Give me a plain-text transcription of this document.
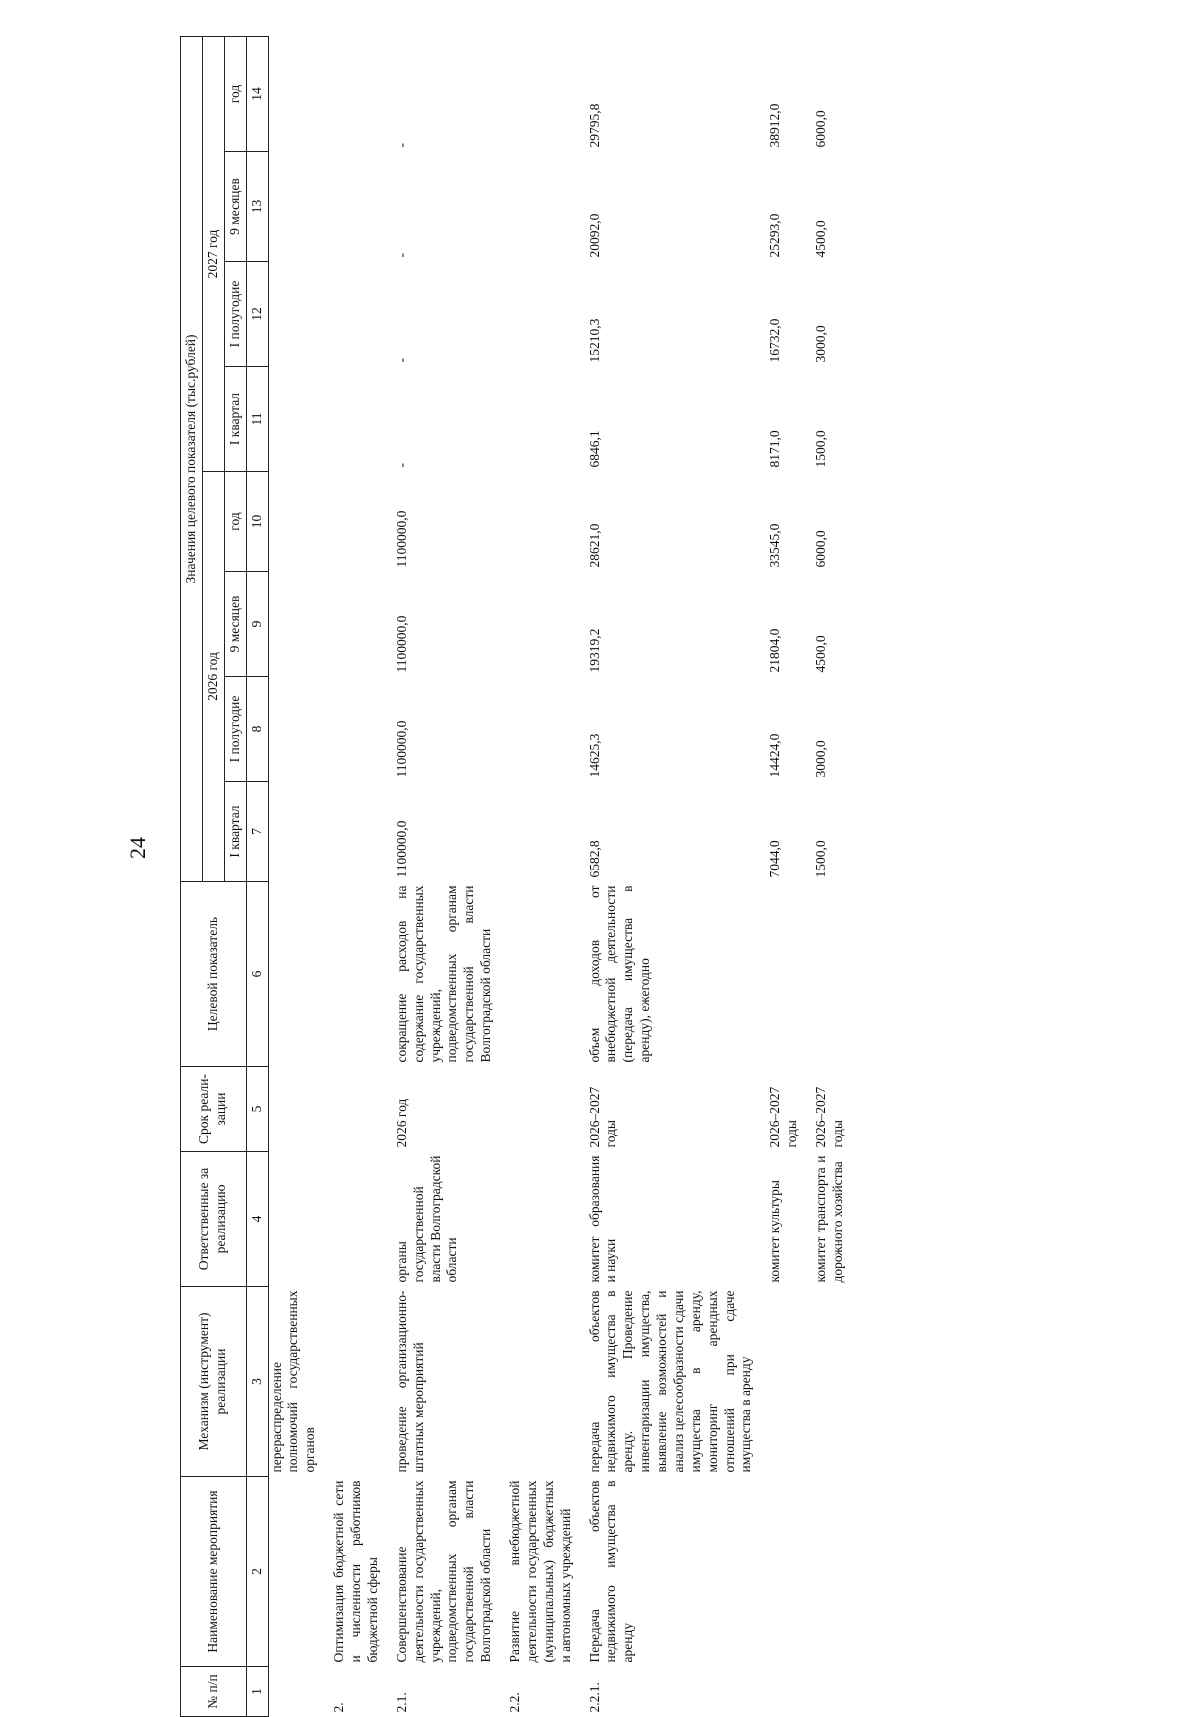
24
№ п/п	Наименование мероприятия	Механизм (инструмент) реализации	Ответственные за реализацию	Срок реали-зации	Целевой показатель	Значения целевого показателя (тыс.рублей)							
						2026 год				2027 год			
						I квартал	I полугодие	9 месяцев	год	I квартал	I полугодие	9 месяцев	год
1	2	3	4	5	6	7	8	9	10	11	12	13	14
		перераспределение полномочий государственных органов											
2.	Оптимизация бюджетной сети и численности работников бюджетной сферы												
2.1.	Совершенствование деятельности государственных учреждений, подведомственных органам государственной власти Волгоградской области	проведение организационно-штатных мероприятий	органы государственной власти Волгоградской области	2026 год	сокращение расходов на содержание государственных учреждений, подведомственных органам государственной власти Волгоградской области	1100000,0	1100000,0	1100000,0	1100000,0	-	-	-	-
2.2.	Развитие внебюджетной деятельности государственных (муниципальных) бюджетных и автономных учреждений												
2.2.1.	Передача объектов недвижимого имущества в аренду	передача объектов недвижимого имущества в аренду. Проведение инвентаризации имущества, выявление возможностей и анализ целесообразности сдачи имущества в аренду, мониторинг арендных отношений при сдаче имущества в аренду	комитет образования и науки	2026–2027 годы	объем доходов от внебюджетной деятельности (передача имущества в аренду), ежегодно	6582,8	14625,3	19319,2	28621,0	6846,1	15210,3	20092,0	29795,8
			комитет культуры	2026–2027 годы		7044,0	14424,0	21804,0	33545,0	8171,0	16732,0	25293,0	38912,0
			комитет транспорта и дорожного хозяйства	2026–2027 годы		1500,0	3000,0	4500,0	6000,0	1500,0	3000,0	4500,0	6000,0
